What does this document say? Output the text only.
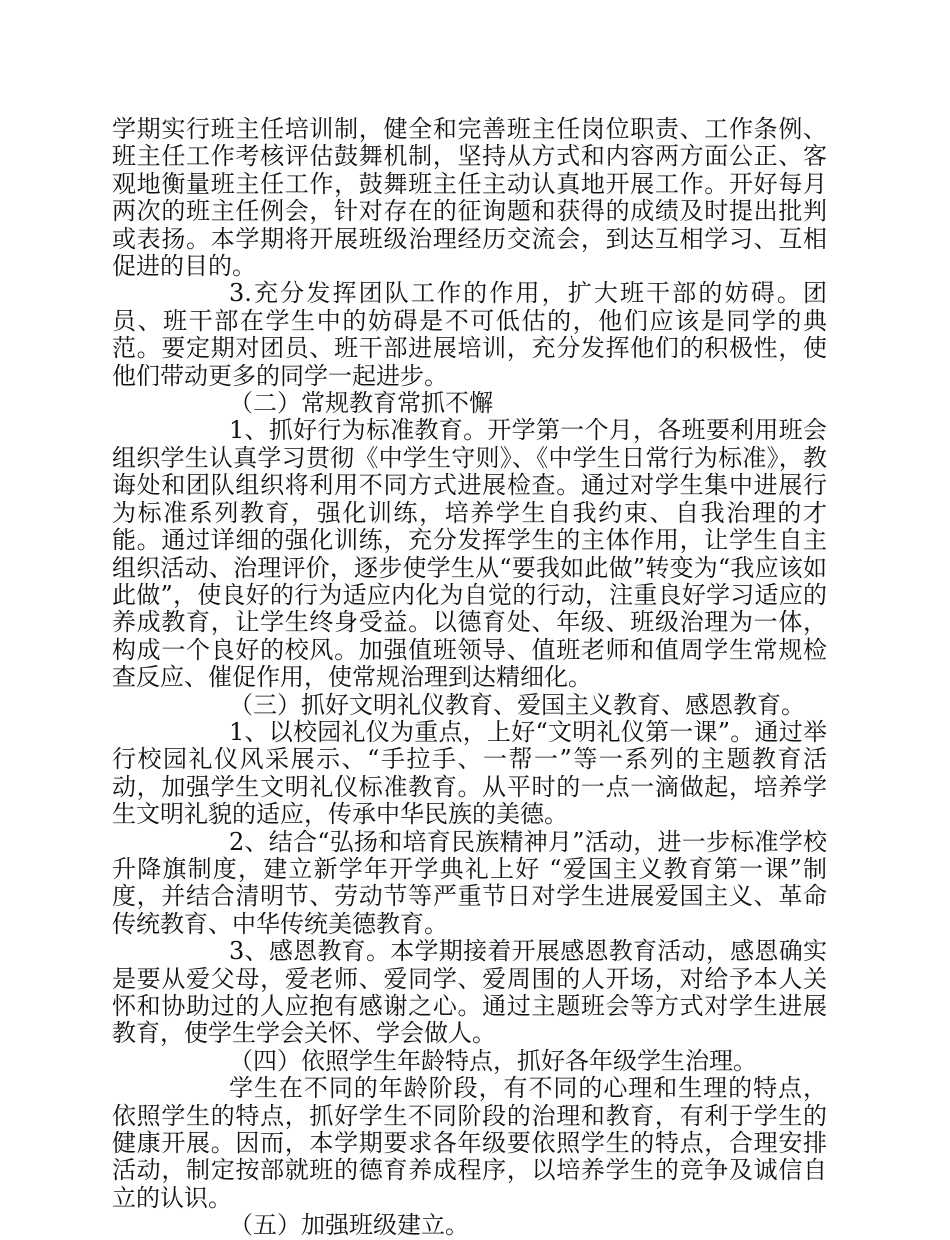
学期实行班主任培训制，健全和完善班主任岗位职责、工作条例、班主任工作考核评估鼓舞机制，坚持从方式和内容两方面公正、客观地衡量班主任工作，鼓舞班主任主动认真地开展工作。开好每月两次的班主任例会，针对存在的征询题和获得的成绩及时提出批判或表扬。本学期将开展班级治理经历交流会，到达互相学习、互相促进的目的。

3.充分发挥团队工作的作用，扩大班干部的妨碍。团员、班干部在学生中的妨碍是不可低估的，他们应该是同学的典范。要定期对团员、班干部进展培训，充分发挥他们的积极性，使他们带动更多的同学一起进步。

（二）常规教育常抓不懈

1、抓好行为标准教育。开学第一个月，各班要利用班会组织学生认真学习贯彻《中学生守则》、《中学生日常行为标准》，教诲处和团队组织将利用不同方式进展检查。通过对学生集中进展行为标准系列教育，强化训练，培养学生自我约束、自我治理的才能。通过详细的强化训练，充分发挥学生的主体作用，让学生自主组织活动、治理评价，逐步使学生从“要我如此做”转变为“我应该如此做”，使良好的行为适应内化为自觉的行动，注重良好学习适应的养成教育，让学生终身受益。以德育处、年级、班级治理为一体，构成一个良好的校风。加强值班领导、值班老师和值周学生常规检查反应、催促作用，使常规治理到达精细化。

（三）抓好文明礼仪教育、爱国主义教育、感恩教育。

1、以校园礼仪为重点，上好“文明礼仪第一课”。通过举行校园礼仪风采展示、“手拉手、一帮一”等一系列的主题教育活动，加强学生文明礼仪标准教育。从平时的一点一滴做起，培养学生文明礼貌的适应，传承中华民族的美德。

2、结合“弘扬和培育民族精神月”活动，进一步标准学校升降旗制度，建立新学年开学典礼上好 “爱国主义教育第一课”制度，并结合清明节、劳动节等严重节日对学生进展爱国主义、革命传统教育、中华传统美德教育。

3、感恩教育。本学期接着开展感恩教育活动，感恩确实是要从爱父母，爱老师、爱同学、爱周围的人开场，对给予本人关怀和协助过的人应抱有感谢之心。通过主题班会等方式对学生进展教育，使学生学会关怀、学会做人。

（四）依照学生年龄特点，抓好各年级学生治理。

学生在不同的年龄阶段，有不同的心理和生理的特点，依照学生的特点，抓好学生不同阶段的治理和教育，有利于学生的健康开展。因而，本学期要求各年级要依照学生的特点，合理安排活动，制定按部就班的德育养成程序，以培养学生的竞争及诚信自立的认识。

（五）加强班级建立。
